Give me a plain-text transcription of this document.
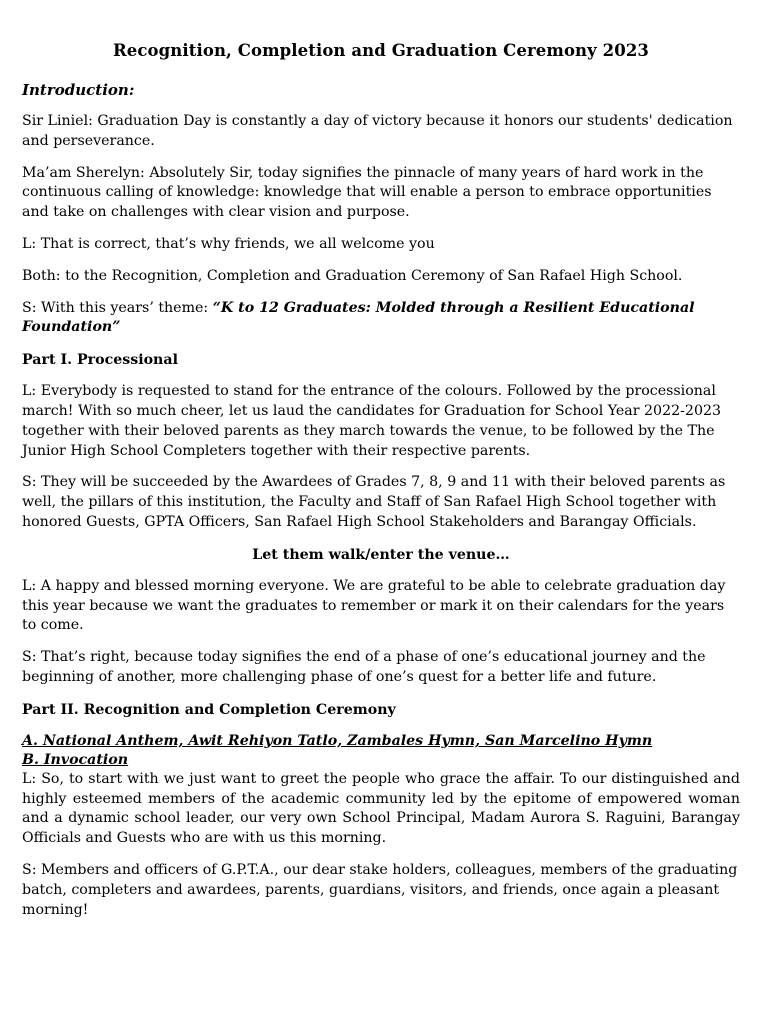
Recognition, Completion and Graduation Ceremony 2023
Introduction:
Sir Liniel: Graduation Day is constantly a day of victory because it honors our students' dedication and perseverance.
Ma’am Sherelyn: Absolutely Sir, today signifies the pinnacle of many years of hard work in the continuous calling of knowledge: knowledge that will enable a person to embrace opportunities and take on challenges with clear vision and purpose.
L: That is correct, that’s why friends, we all welcome you
Both: to the Recognition, Completion and Graduation Ceremony of San Rafael High School.
S: With this years’ theme: “K to 12 Graduates: Molded through a Resilient Educational Foundation”
Part I. Processional
L: Everybody is requested to stand for the entrance of the colours. Followed by the processional march! With so much cheer, let us laud the candidates for Graduation for School Year 2022-2023 together with their beloved parents as they march towards the venue, to be followed by the The Junior High School Completers together with their respective parents.
S: They will be succeeded by the Awardees of Grades 7, 8, 9 and 11 with their beloved parents as well, the pillars of this institution, the Faculty and Staff of San Rafael High School together with honored Guests, GPTA Officers, San Rafael High School Stakeholders and Barangay Officials.
Let them walk/enter the venue…
L: A happy and blessed morning everyone. We are grateful to be able to celebrate graduation day this year because we want the graduates to remember or mark it on their calendars for the years to come.
S: That’s right, because today signifies the end of a phase of one’s educational journey and the beginning of another, more challenging phase of one’s quest for a better life and future.
Part II. Recognition and Completion Ceremony
A. National Anthem, Awit Rehiyon Tatlo, Zambales Hymn, San Marcelino Hymn
B. Invocation
L: So, to start with we just want to greet the people who grace the affair. To our distinguished and highly esteemed members of the academic community led by the epitome of empowered woman and a dynamic school leader, our very own School Principal, Madam Aurora S. Raguini, Barangay Officials and Guests who are with us this morning.
S: Members and officers of G.P.T.A., our dear stake holders, colleagues, members of the graduating batch, completers and awardees, parents, guardians, visitors, and friends, once again a pleasant morning!
